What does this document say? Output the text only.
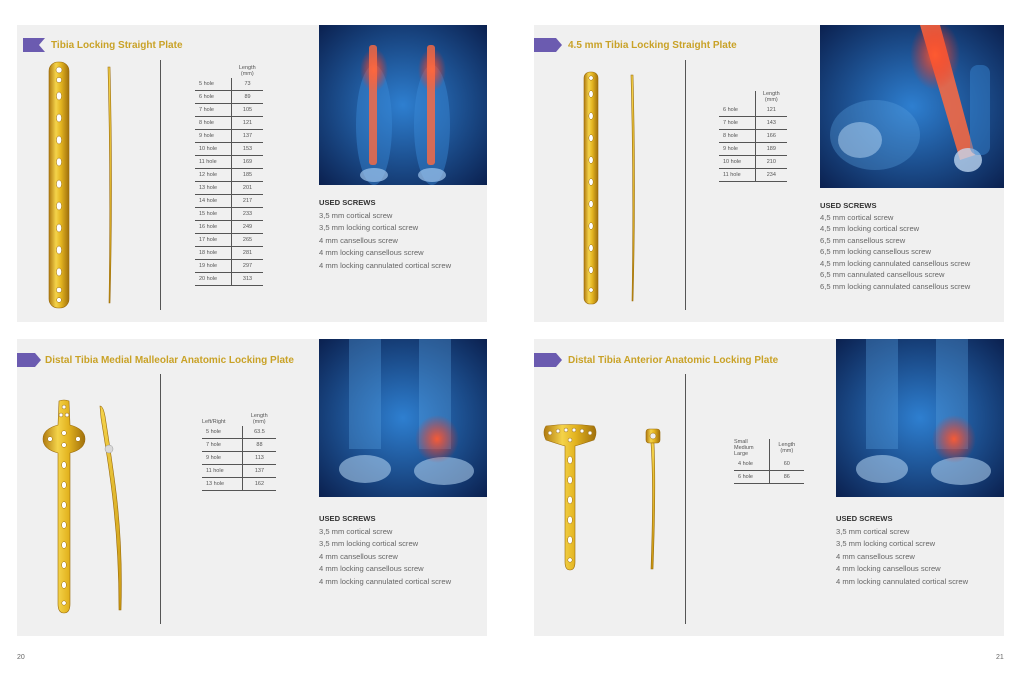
Tibia Locking Straight Plate
	Length
(mm)
5 hole	73
6 hole	89
7 hole	105
8 hole	121
9 hole	137
10 hole	153
11 hole	169
12 hole	185
13 hole	201
14 hole	217
15 hole	233
16 hole	249
17 hole	265
18 hole	281
19 hole	297
20 hole	313
USED SCREWS
3,5 mm cortical screw
3,5 mm locking cortical screw
4 mm cansellous screw
4 mm locking cansellous screw
4 mm locking cannulated cortical screw
4.5 mm Tibia Locking Straight Plate
	Length
(mm)
6 hole	121
7 hole	143
8 hole	166
9 hole	189
10 hole	210
11 hole	234
USED SCREWS
4,5 mm cortical screw
4,5 mm locking cortical screw
6,5 mm cansellous screw
6,5 mm locking cansellous screw
4,5 mm locking cannulated cansellous screw
6,5 mm cannulated cansellous screw
6,5 mm locking cannulated cansellous screw
Distal Tibia Medial Malleolar Anatomic Locking Plate
Left/Right	Length
(mm)
5 hole	63.5
7 hole	88
9 hole	113
11 hole	137
13 hole	162
USED SCREWS
3,5 mm cortical screw
3,5 mm locking cortical screw
4 mm cansellous screw
4 mm locking cansellous screw
4 mm locking cannulated cortical screw
Distal Tibia Anterior Anatomic Locking Plate
Small
Medium
Large	Length
(mm)
4 hole	60
6 hole	86
USED SCREWS
3,5 mm cortical screw
3,5 mm locking cortical screw
4 mm cansellous screw
4 mm locking cansellous screw
4 mm locking cannulated cortical screw
20	21
